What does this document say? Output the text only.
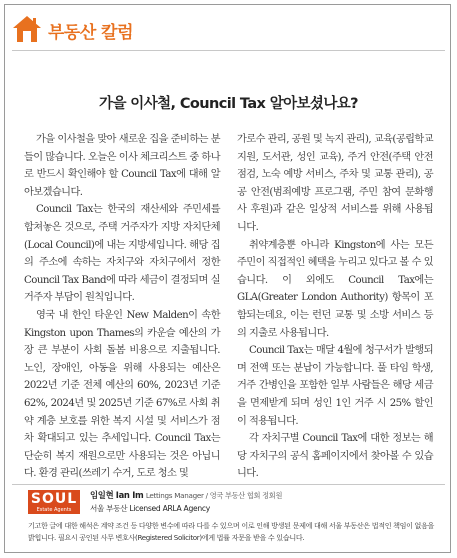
부동산 칼럼
가을 이사철, Council Tax 알아보셨나요?

가을 이사철을 맞아 새로운 집을 준비하는 분들이 많습니다. 오늘은 이사 체크리스트 중 하나로 반드시 확인해야 할 Council Tax에 대해 알아보겠습니다.

Council Tax는 한국의 재산세와 주민세를 합쳐놓은 것으로, 주택 거주자가 지방 자치단체(Local Council)에 내는 지방세입니다. 해당 집의 주소에 속하는 자치구와 자치구에서 정한 Council Tax Band에 따라 세금이 결정되며 실 거주자 부담이 원칙입니다.

영국 내 한인 타운인 New Malden이 속한 Kingston upon Thames의 카운슬 예산의 가장 큰 부분이 사회 돌봄 비용으로 지출됩니다. 노인, 장애인, 아동을 위해 사용되는 예산은 2022년 기준 전체 예산의 60%, 2023년 기준 62%, 2024년 및 2025년 기준 67%로 사회 취약 계층 보호를 위한 복지 시설 및 서비스가 점차 확대되고 있는 추세입니다. Council Tax는 단순히 복지 재원으로만 사용되는 것은 아닙니다. 환경 관리(쓰레기 수거, 도로 청소 및

가로수 관리, 공원 및 녹지 관리), 교육(공립학교 지원, 도서관, 성인 교육), 주거 안전(주택 안전 점검, 노숙 예방 서비스, 주차 및 교통 관리), 공공 안전(범죄예방 프로그램, 주민 참여 문화행사 후원)과 같은 일상적 서비스를 위해 사용됩니다.

취약계층뿐 아니라 Kingston에 사는 모든 주민이 직접적인 혜택을 누리고 있다고 볼 수 있습니다. 이 외에도 Council Tax에는 GLA(Greater London Authority) 항목이 포함되는데요, 이는 런던 교통 및 소방 서비스 등의 지출로 사용됩니다.

Council Tax는 매달 4월에 청구서가 발행되며 전액 또는 분납이 가능합니다. 풀 타임 학생, 거주 간병인을 포함한 일부 사람들은 해당 세금을 면제받게 되며 성인 1인 거주 시 25% 할인이 적용됩니다.

각 자치구별 Council Tax에 대한 정보는 해당 자치구의 공식 홈페이지에서 찾아볼 수 있습니다.

SOUL
Estate Agents
임일현 Ian Im Lettings Manager / 영국 부동산 협회 정회원
서울 부동산 Licensed ARLA Agency
기고한 글에 대한 해석은 계약 조건 등 다양한 변수에 따라 다를 수 있으며 이로 인해 방생된 문제에 대해 서울 부동산은 법적인 책임이 없음을 밝힙니다. 필요시 공인된 사무 변호사(Registered Solicitor)에게 법률 자문을 받을 수 있습니다.
